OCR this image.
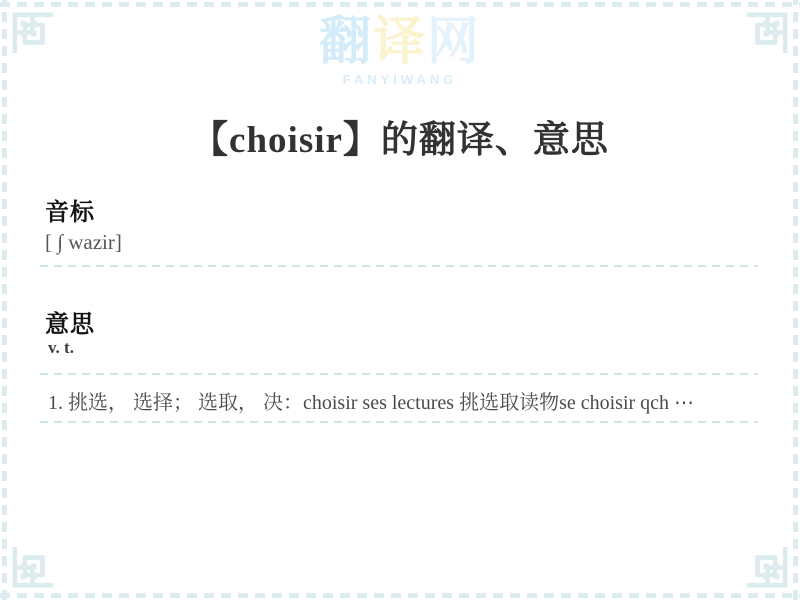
翻译网
FANYIWANG
【choisir】的翻译、意思
音标
[ ∫ wazir]
意思
v. t.
1. 挑选， 选择； 选取， 决：choisir ses lectures 挑选取读物se choisir qch ⋯
